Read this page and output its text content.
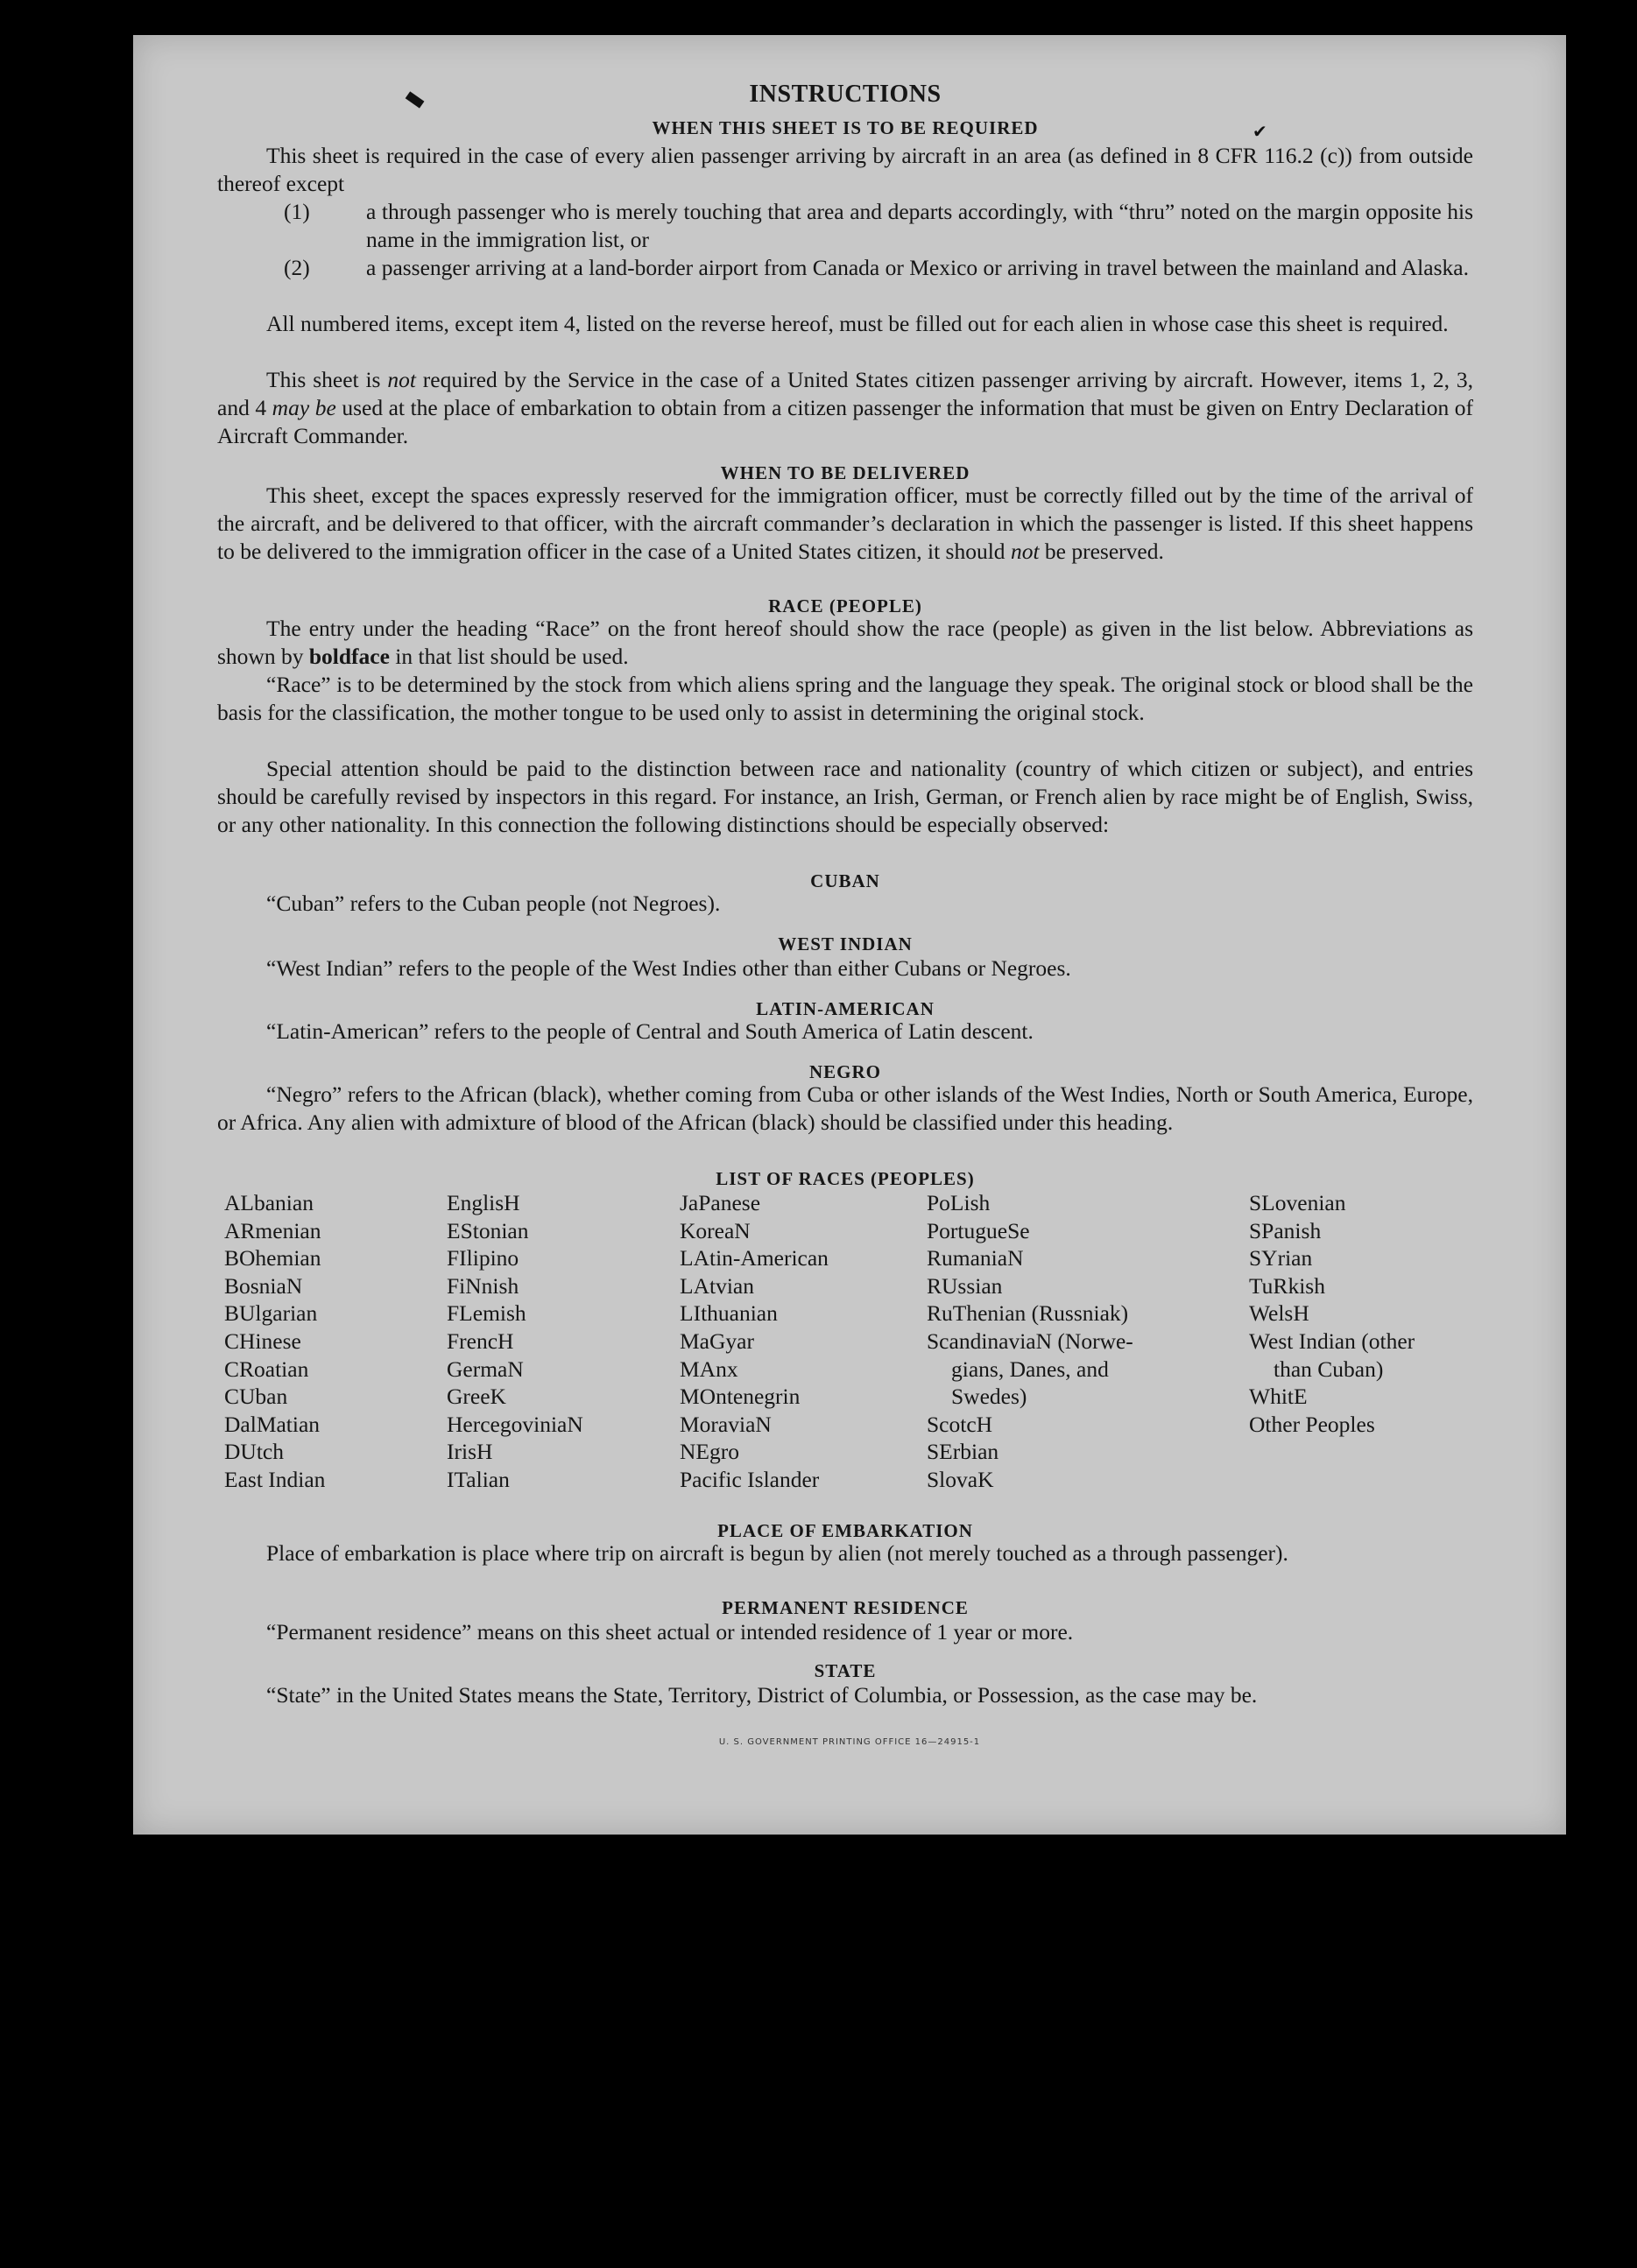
▬
✔
INSTRUCTIONS
WHEN THIS SHEET IS TO BE REQUIRED
This sheet is required in the case of every alien passenger arriving by aircraft in an area (as defined in 8 CFR 116.2 (c)) from outside thereof except
(1)	a through passenger who is merely touching that area and departs accordingly, with “thru” noted on the margin opposite his name in the immigration list, or
(2)	a passenger arriving at a land-border airport from Canada or Mexico or arriving in travel between the mainland and Alaska.
All numbered items, except item 4, listed on the reverse hereof, must be filled out for each alien in whose case this sheet is required.
This sheet is not required by the Service in the case of a United States citizen passenger arriving by aircraft. However, items 1, 2, 3, and 4 may be used at the place of embarkation to obtain from a citizen passenger the information that must be given on Entry Declaration of Aircraft Commander.
WHEN TO BE DELIVERED
This sheet, except the spaces expressly reserved for the immigration officer, must be correctly filled out by the time of the arrival of the aircraft, and be delivered to that officer, with the aircraft commander’s declaration in which the passenger is listed. If this sheet happens to be delivered to the immigration officer in the case of a United States citizen, it should not be preserved.
RACE (PEOPLE)
The entry under the heading “Race” on the front hereof should show the race (people) as given in the list below. Abbreviations as shown by boldface in that list should be used.
“Race” is to be determined by the stock from which aliens spring and the language they speak. The original stock or blood shall be the basis for the classification, the mother tongue to be used only to assist in determining the original stock.
Special attention should be paid to the distinction between race and nationality (country of which citizen or subject), and entries should be carefully revised by inspectors in this regard. For instance, an Irish, German, or French alien by race might be of English, Swiss, or any other nationality. In this connection the following distinctions should be especially observed:
CUBAN
“Cuban” refers to the Cuban people (not Negroes).
WEST INDIAN
“West Indian” refers to the people of the West Indies other than either Cubans or Negroes.
LATIN-AMERICAN
“Latin-American” refers to the people of Central and South America of Latin descent.
NEGRO
“Negro” refers to the African (black), whether coming from Cuba or other islands of the West Indies, North or South America, Europe, or Africa. Any alien with admixture of blood of the African (black) should be classified under this heading.
LIST OF RACES (PEOPLES)
ALbanian
ARmenian
BOhemian
BosniaN
BUlgarian
CHinese
CRoatian
CUban
DalMatian
DUtch
East Indian
EnglisH
EStonian
FIlipino
FiNnish
FLemish
FrencH
GermaN
GreeK
HercegoviniaN
IrisH
ITalian
JaPanese
KoreaN
LAtin-American
LAtvian
LIthuanian
MaGyar
MAnx
MOntenegrin
MoraviaN
NEgro
Pacific Islander
PoLish
PortugueSe
RumaniaN
RUssian
RuThenian (Russniak)
ScandinaviaN (Norwe-
gians, Danes, and
Swedes)
ScotcH
SErbian
SlovaK
SLovenian
SPanish
SYrian
TuRkish
WelsH
West Indian (other
than Cuban)
WhitE
Other Peoples
PLACE OF EMBARKATION
Place of embarkation is place where trip on aircraft is begun by alien (not merely touched as a through passenger).
PERMANENT RESIDENCE
“Permanent residence” means on this sheet actual or intended residence of 1 year or more.
STATE
“State” in the United States means the State, Territory, District of Columbia, or Possession, as the case may be.
U. S. GOVERNMENT PRINTING OFFICE 16—24915-1
